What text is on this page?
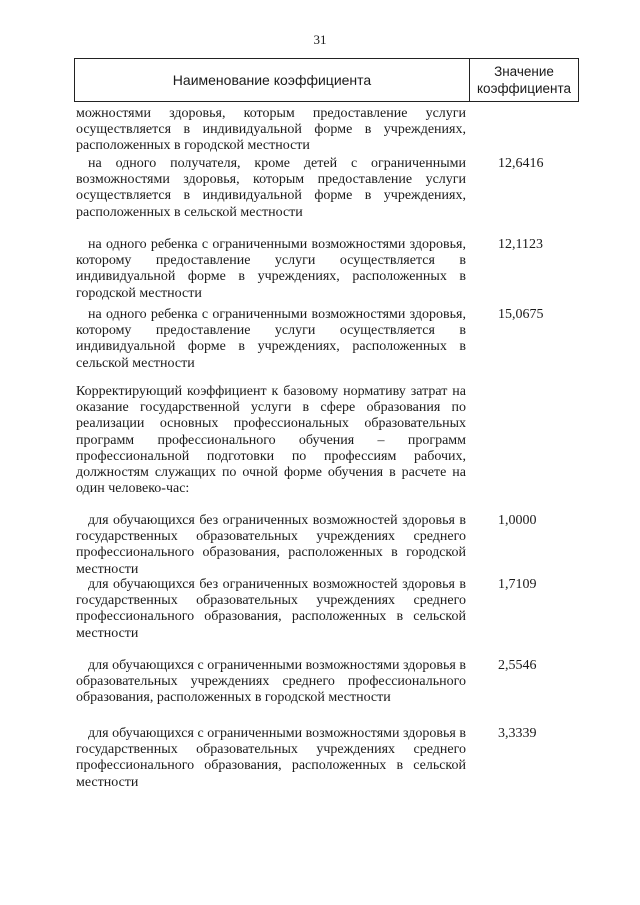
31
Наименование коэффициента
Значение
коэффициента
можностями здоровья, которым предоставление услуги осуществляется в индивидуальной форме в учреждениях, расположенных в городской местности
на одного получателя, кроме детей с ограниченными возможностями здоровья, которым предоставление услуги осуществляется в индивидуальной форме в учреждениях, расположенных в сельской местности
12,6416
на одного ребенка с ограниченными возможностями здоровья, которому предоставление услуги осуществляется в индивидуальной форме в учреждениях, расположенных в городской местности
12,1123
на одного ребенка с ограниченными возможностями здоровья, которому предоставление услуги осуществляется в индивидуальной форме в учреждениях, расположенных в сельской местности
15,0675
Корректирующий коэффициент к базовому нормативу затрат на оказание государственной услуги в сфере образования по реализации основных профессиональных образовательных программ профессионального обучения – программ профессиональной подготовки по профессиям рабочих, должностям служащих по очной форме обучения в расчете на один человеко-час:
для обучающихся без ограниченных возможностей здоровья в государственных образовательных учреждениях среднего профессионального образования, расположенных в городской местности
1,0000
для обучающихся без ограниченных возможностей здоровья в государственных образовательных учреждениях среднего профессионального образования, расположенных в сельской местности
1,7109
для обучающихся с ограниченными возможностями здоровья в образовательных учреждениях среднего профессионального образования, расположенных в городской местности
2,5546
для обучающихся с ограниченными возможностями здоровья в государственных образовательных учреждениях среднего профессионального образования, расположенных в сельской местности
3,3339
